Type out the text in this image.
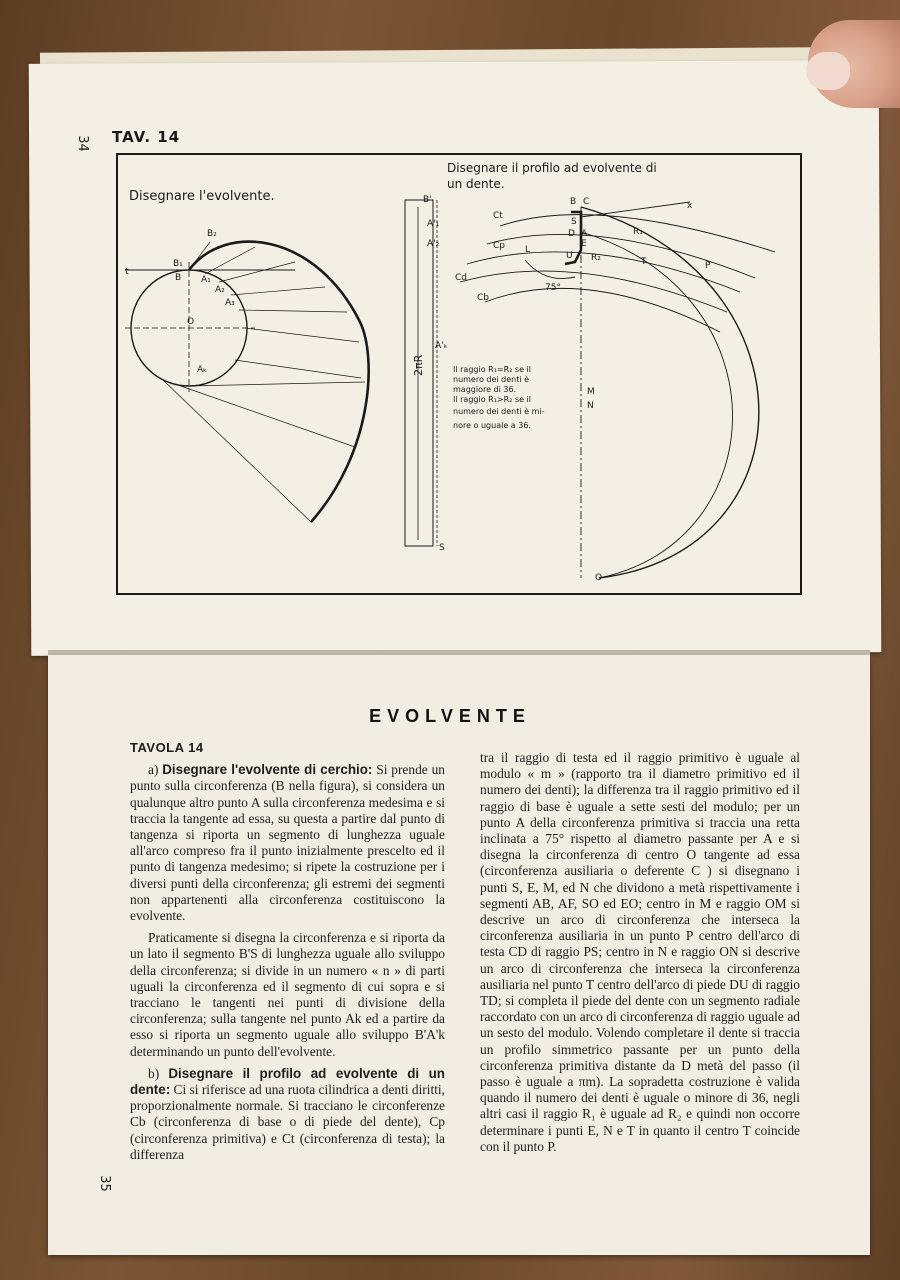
34 TAV. 14
Disegnare l'evolvente.
B₂
B₁
B A₁
A₂
A₃
O
Aₖ
t
2πR
B'
A'₁
A'₂
A'ₖ
S
Disegnare il profilo ad evolvente di
un dente.
B C
S
D A
E
U
Ct
Cp
Cd
Cb
x
L
R₁
R₂	T	P
75°
M
N
O
Il raggio R₁=R₂ se il
numero dei denti è
maggiore di 36.
Il raggio R₁>R₂ se il
numero dei denti è mi-
nore o uguale a 36.
EVOLVENTE
TAVOLA 14

a) Disegnare l'evolvente di cerchio: Si prende un punto sulla circonferenza (B nella figura), si considera un qualunque altro punto A sulla circonferenza medesima e si traccia la tangente ad essa, su questa a partire dal punto di tangenza si riporta un segmento di lunghezza uguale all'arco compreso fra il punto inizialmente prescelto ed il punto di tangenza medesimo; si ripete la costruzione per i diversi punti della circonferenza; gli estremi dei segmenti non appartenenti alla circonferenza costituiscono la evolvente.

Praticamente si disegna la circonferenza e si riporta da un lato il segmento B'S di lunghezza uguale allo sviluppo della circonferenza; si divide in un numero « n » di parti uguali la circonferenza ed il segmento di cui sopra e si tracciano le tangenti nei punti di divisione della circonferenza; sulla tangente nel punto Ak ed a partire da esso si riporta un segmento uguale allo sviluppo B'A'k determinando un punto dell'evolvente.

b) Disegnare il profilo ad evolvente di un dente: Ci si riferisce ad una ruota cilindrica a denti diritti, proporzionalmente normale. Si tracciano le circonferenze Cb (circonferenza di base o di piede del dente), Cp (circonferenza primitiva) e Ct (circonferenza di testa); la differenza

tra il raggio di testa ed il raggio primitivo è uguale al modulo « m » (rapporto tra il diametro primitivo ed il numero dei denti); la differenza tra il raggio primitivo ed il raggio di base è uguale a sette sesti del modulo; per un punto A della circonferenza primitiva si traccia una retta inclinata a 75° rispetto al diametro passante per A e si disegna la circonferenza di centro O tangente ad essa (circonferenza ausiliaria o deferente C ) si disegnano i punti S, E, M, ed N che dividono a metà rispettivamente i segmenti AB, AF, SO ed EO; centro in M e raggio OM si descrive un arco di circonferenza che interseca la circonferenza ausiliaria in un punto P centro dell'arco di testa CD di raggio PS; centro in N e raggio ON si descrive un arco di circonferenza che interseca la circonferenza ausiliaria nel punto T centro dell'arco di piede DU di raggio TD; si completa il piede del dente con un segmento radiale raccordato con un arco di circonferenza di raggio uguale ad un sesto del modulo. Volendo completare il dente si traccia un profilo simmetrico passante per un punto della circonferenza primitiva distante da D metà del passo (il passo è uguale a πm). La sopradetta costruzione è valida quando il numero dei denti è uguale o minore di 36, negli altri casi il raggio R₁ è uguale ad R₂ e quindi non occorre determinare i punti E, N e T in quanto il centro T coincide con il punto P.

35
